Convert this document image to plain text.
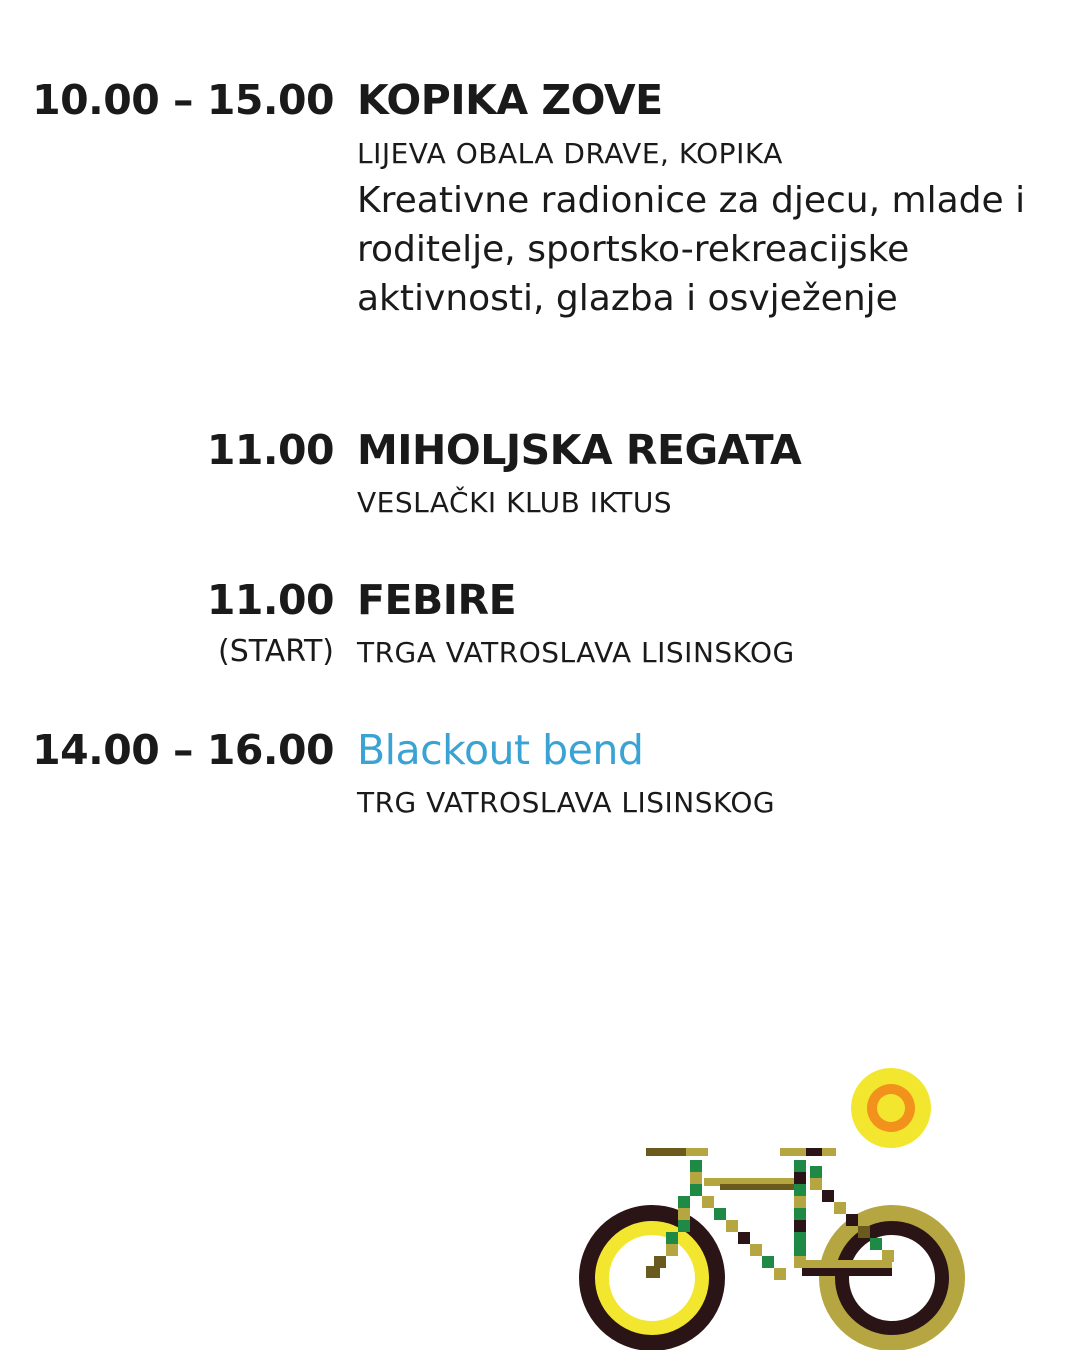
10.00 – 15.00 KOPIKA ZOVE
LIJEVA OBALA DRAVE, KOPIKA
Kreativne radionice za djecu, mlade i roditelje, sportsko-rekreacijske aktivnosti, glazba i osvježenje
11.00 MIHOLJSKA REGATA
VESLAČKI KLUB IKTUS
11.00
(START)
FEBIRE
TRGA VATROSLAVA LISINSKOG
14.00 – 16.00 Blackout bend
TRG VATROSLAVA LISINSKOG
